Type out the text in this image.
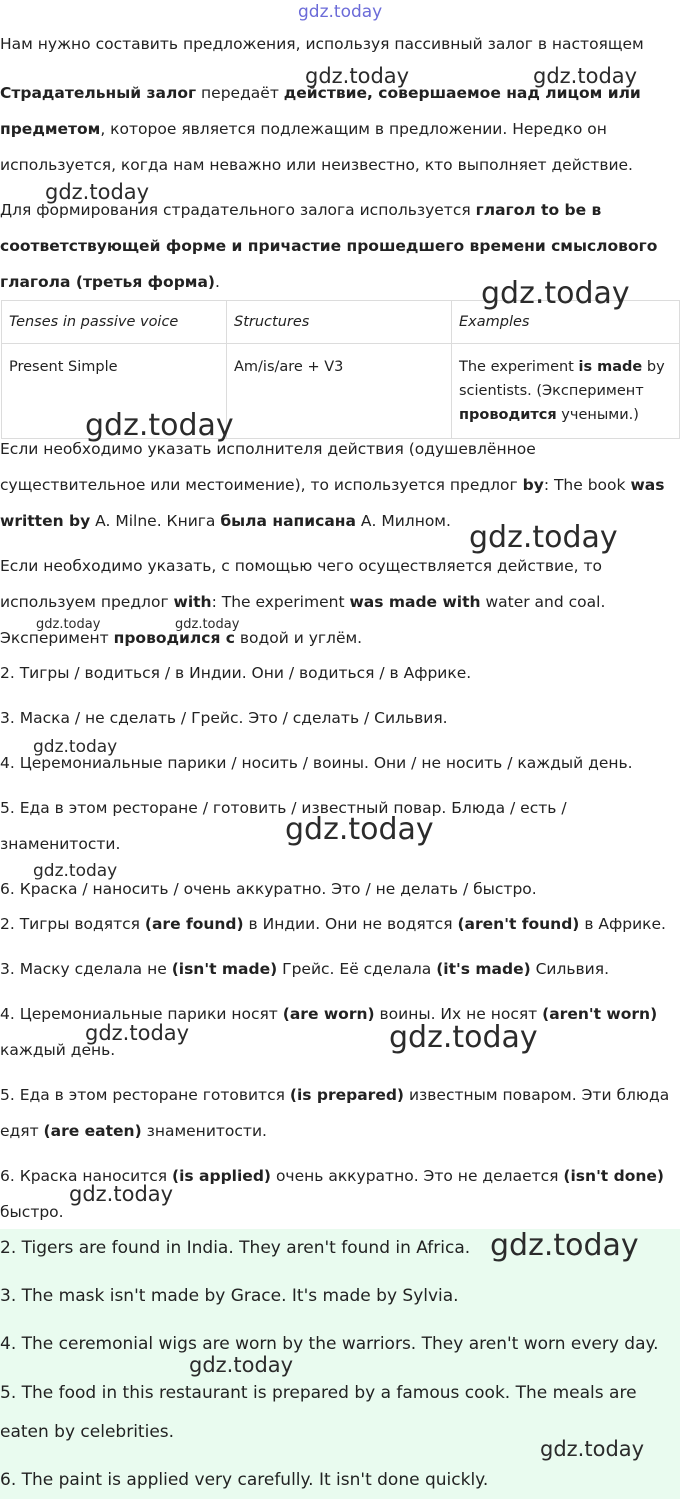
gdz.today

Нам нужно составить предложения, используя пассивный залог в настоящем

Страдательный залог передаёт действие, совершаемое над лицом или предметом, которое является подлежащим в предложении. Нередко он используется, когда нам неважно или неизвестно, кто выполняет действие.

Для формирования страдательного залога используется глагол to be в соответствующей форме и причастие прошедшего времени смыслового глагола (третья форма).

Tenses in passive voice	Structures	Examples
Present Simple	Am/is/are + V3	The experiment is made by scientists. (Эксперимент проводится учеными.)

Если необходимо указать исполнителя действия (одушевлённое существительное или местоимение), то используется предлог by: The book was written by A. Milne. Книга была написана А. Милном.

Если необходимо указать, с помощью чего осуществляется действие, то используем предлог with: The experiment was made with water and coal. Эксперимент проводился с водой и углём.

2. Тигры / водиться / в Индии. Они / водиться / в Африке.

3. Маска / не сделать / Грейс. Это / сделать / Сильвия.

4. Церемониальные парики / носить / воины. Они / не носить / каждый день.

5. Еда в этом ресторане / готовить / известный повар. Блюда / есть / знаменитости.

6. Краска / наносить / очень аккуратно. Это / не делать / быстро.

2. Тигры водятся (are found) в Индии. Они не водятся (aren't found) в Африке.

3. Маску сделала не (isn't made) Грейс. Её сделала (it's made) Сильвия.

4. Церемониальные парики носят (are worn) воины. Их не носят (aren't worn) каждый день.

5. Еда в этом ресторане готовится (is prepared) известным поваром. Эти блюда едят (are eaten) знаменитости.

6. Краска наносится (is applied) очень аккуратно. Это не делается (isn't done) быстро.

2. Tigers are found in India. They aren't found in Africa.
3. The mask isn't made by Grace. It's made by Sylvia.
4. The ceremonial wigs are worn by the warriors. They aren't worn every day.
5. The food in this restaurant is prepared by a famous cook. The meals are eaten by celebrities.
6. The paint is applied very carefully. It isn't done quickly.
gdz.today	gdz.today
gdz.today
gdz.today
gdz.today
gdz.today
gdz.today	gdz.today
gdz.today
gdz.today
gdz.today
gdz.today	gdz.today
gdz.today
gdz.today
gdz.today
gdz.today
